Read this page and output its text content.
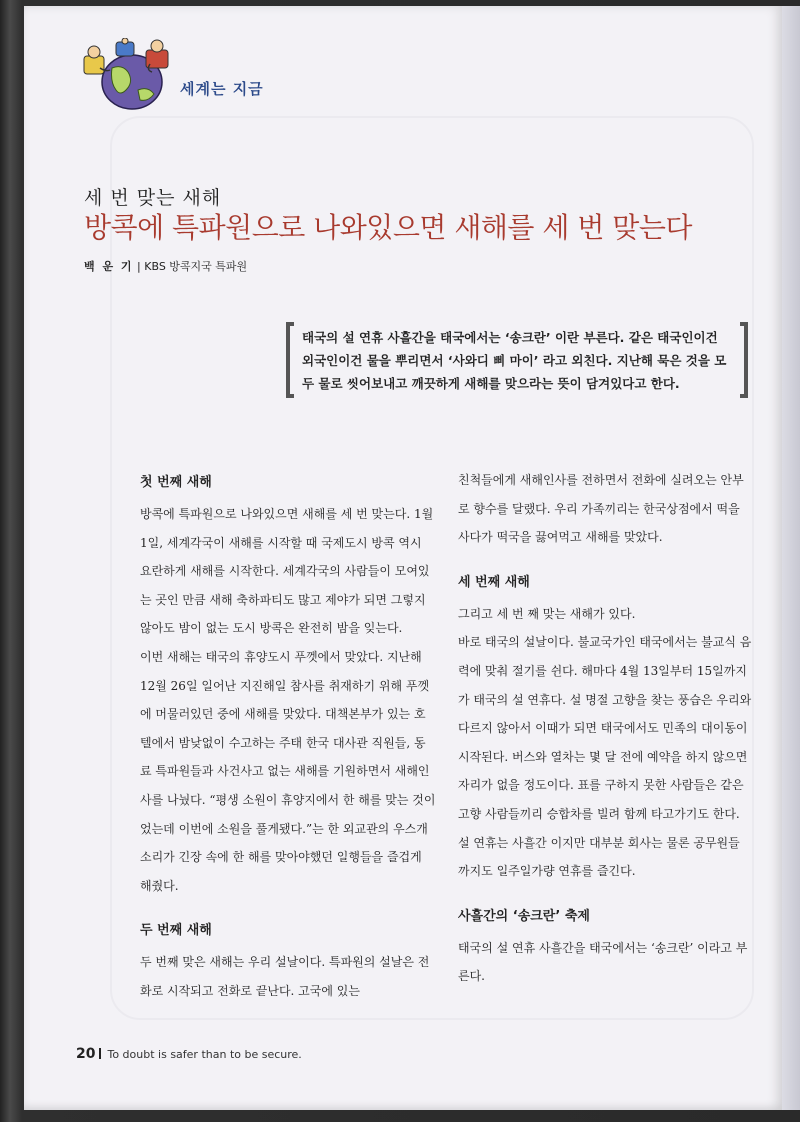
세계는 지금
세 번 맞는 새해
방콕에 특파원으로 나와있으면 새해를 세 번 맞는다
백 운 기 | KBS 방콕지국 특파원

태국의 설 연휴 사흘간을 태국에서는 ‘송크란’ 이란 부른다. 같은 태국인이건 외국인이건 물을 뿌리면서 ‘사와디 삐 마이’ 라고 외친다. 지난해 묵은 것을 모두 물로 씻어보내고 깨끗하게 새해를 맞으라는 뜻이 담겨있다고 한다.

첫 번째 새해

방콕에 특파원으로 나와있으면 새해를 세 번 맞는다. 1월 1일, 세계각국이 새해를 시작할 때 국제도시 방콕 역시 요란하게 새해를 시작한다. 세계각국의 사람들이 모여있는 곳인 만큼 새해 축하파티도 많고 제야가 되면 그렇지 않아도 밤이 없는 도시 방콕은 완전히 밤을 잊는다.

이번 새해는 태국의 휴양도시 푸껫에서 맞았다. 지난해 12월 26일 일어난 지진해일 참사를 취재하기 위해 푸껫에 머물러있던 중에 새해를 맞았다. 대책본부가 있는 호텔에서 밤낮없이 수고하는 주태 한국 대사관 직원들, 동료 특파원들과 사건사고 없는 새해를 기원하면서 새해인사를 나눴다. “평생 소원이 휴양지에서 한 해를 맞는 것이었는데 이번에 소원을 풀게됐다.”는 한 외교관의 우스개 소리가 긴장 속에 한 해를 맞아야했던 일행들을 즐겁게 해줬다.

두 번째 새해

두 번째 맞은 새해는 우리 설날이다. 특파원의 설날은 전화로 시작되고 전화로 끝난다. 고국에 있는

친척들에게 새해인사를 전하면서 전화에 실려오는 안부로 향수를 달랬다. 우리 가족끼리는 한국상점에서 떡을 사다가 떡국을 끓여먹고 새해를 맞았다.

세 번째 새해

그리고 세 번 째 맞는 새해가 있다.

바로 태국의 설날이다. 불교국가인 태국에서는 불교식 음력에 맞춰 절기를 쉰다. 해마다 4월 13일부터 15일까지가 태국의 설 연휴다. 설 명절 고향을 찾는 풍습은 우리와 다르지 않아서 이때가 되면 태국에서도 민족의 대이동이 시작된다. 버스와 열차는 몇 달 전에 예약을 하지 않으면 자리가 없을 정도이다. 표를 구하지 못한 사람들은 같은 고향 사람들끼리 승합차를 빌려 함께 타고가기도 한다. 설 연휴는 사흘간 이지만 대부분 회사는 물론 공무원들 까지도 일주일가량 연휴를 즐긴다.

사흘간의 ‘송크란’ 축제

태국의 설 연휴 사흘간을 태국에서는 ‘송크란’ 이라고 부른다.

20 To doubt is safer than to be secure.
